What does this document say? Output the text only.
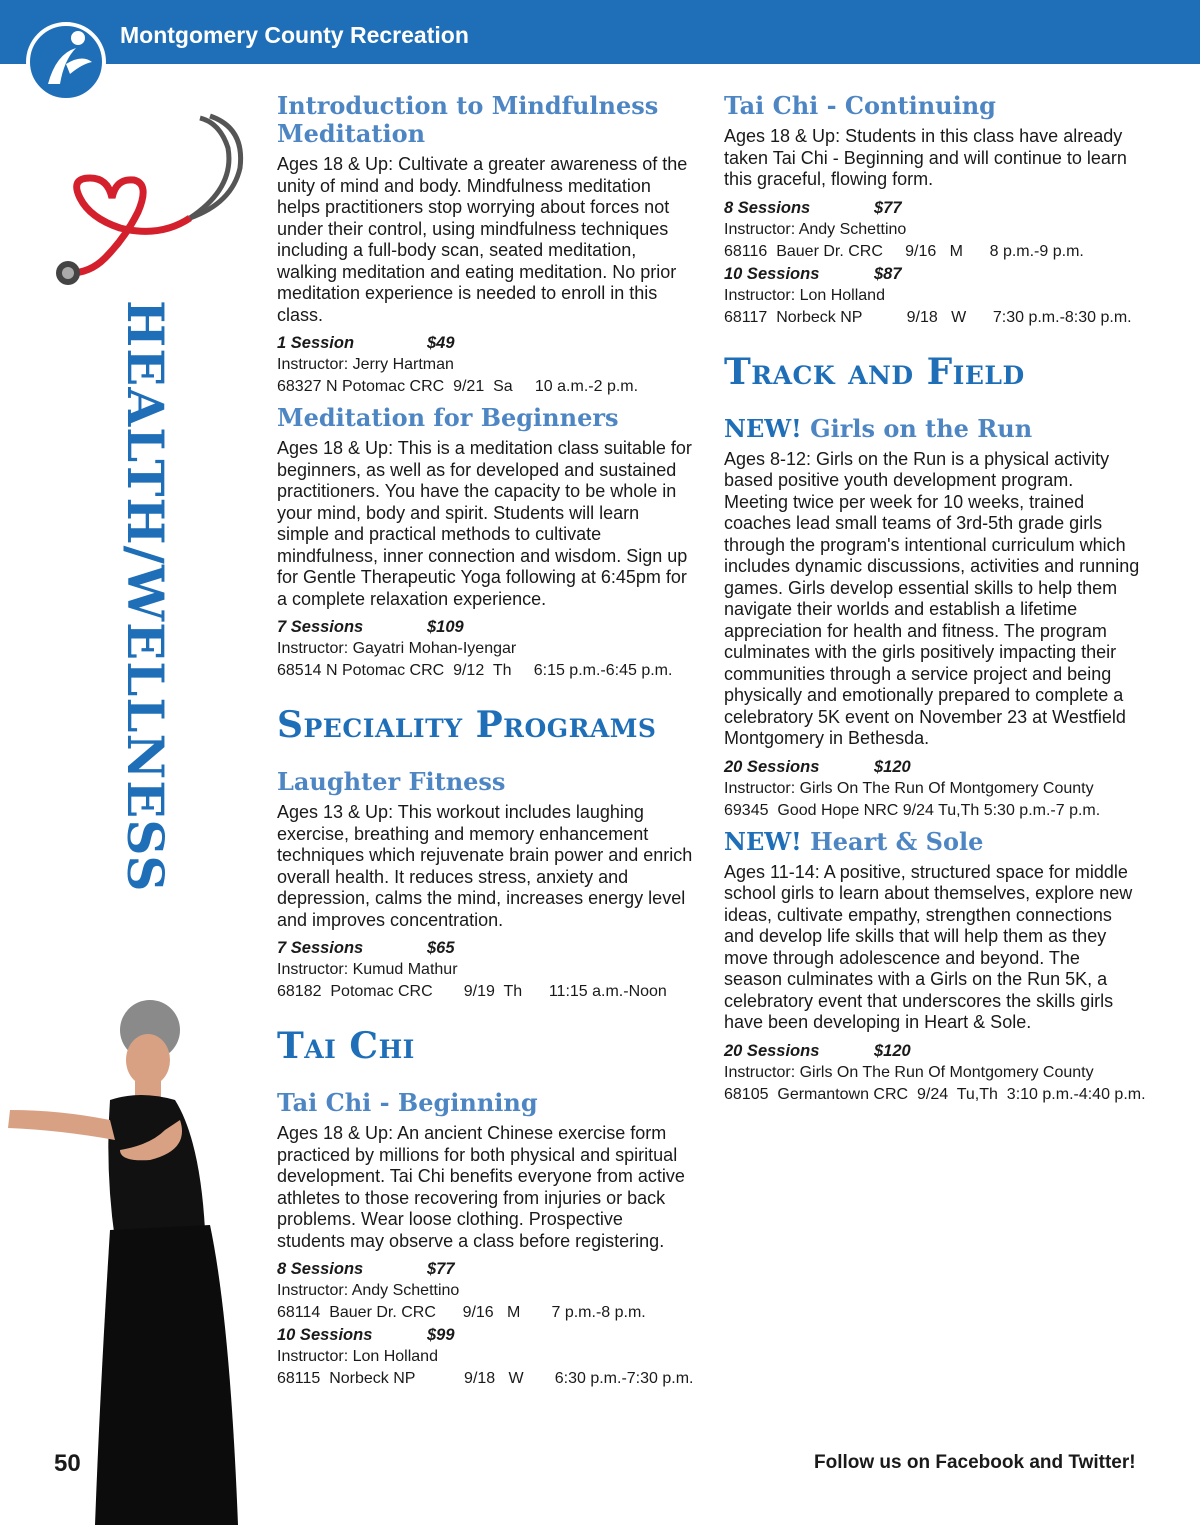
Montgomery County Recreation
HEALTH/WELLNESS
Introduction to Mindfulness Meditation
Ages 18 & Up: Cultivate a greater awareness of the unity of mind and body. Mindfulness meditation helps practitioners stop worrying about forces not under their control, using mindfulness techniques including a full-body scan, seated meditation, walking meditation and eating meditation. No prior meditation experience is needed to enroll in this class.
1 Session	$49
Instructor: Jerry Hartman
68327 N Potomac CRC  9/21  Sa     10 a.m.-2 p.m.
Meditation for Beginners
Ages 18 & Up: This is a meditation class suitable for beginners, as well as for developed and sustained practitioners. You have the capacity to be whole in your mind, body and spirit. Students will learn simple and practical methods to cultivate mindfulness, inner connection and wisdom. Sign up for Gentle Therapeutic Yoga following at 6:45pm for a complete relaxation experience.
7 Sessions	$109
Instructor: Gayatri Mohan-Iyengar
68514 N Potomac CRC  9/12  Th     6:15 p.m.-6:45 p.m.
Speciality Programs
Laughter Fitness
Ages 13 & Up: This workout includes laughing exercise, breathing and memory enhancement techniques which rejuvenate brain power and enrich overall health. It reduces stress, anxiety and depression, calms the mind, increases energy level and improves concentration.
7 Sessions	$65
Instructor: Kumud Mathur
68182  Potomac CRC       9/19  Th      11:15 a.m.-Noon
Tai Chi
Tai Chi - Beginning
Ages 18 & Up: An ancient Chinese exercise form practiced by millions for both physical and spiritual development. Tai Chi benefits everyone from active athletes to those recovering from injuries or back problems. Wear loose clothing. Prospective students may observe a class before registering.
8 Sessions	$77
Instructor: Andy Schettino
68114  Bauer Dr. CRC      9/16   M       7 p.m.-8 p.m.
10 Sessions	$99
Instructor: Lon Holland
68115  Norbeck NP           9/18   W       6:30 p.m.-7:30 p.m.
Tai Chi - Continuing
Ages 18 & Up: Students in this class have already taken Tai Chi - Beginning and will continue to learn this graceful, flowing form.
8 Sessions	$77
Instructor: Andy Schettino
68116  Bauer Dr. CRC     9/16   M      8 p.m.-9 p.m.
10 Sessions	$87
Instructor: Lon Holland
68117  Norbeck NP          9/18   W      7:30 p.m.-8:30 p.m.
Track and Field
NEW! Girls on the Run
Ages 8-12: Girls on the Run is a physical activity based positive youth development program. Meeting twice per week for 10 weeks, trained coaches lead small teams of 3rd-5th grade girls through the program's intentional curriculum which includes dynamic discussions, activities and running games. Girls develop essential skills to help them navigate their worlds and establish a lifetime appreciation for health and fitness. The program culminates with the girls positively impacting their communities through a service project and being physically and emotionally prepared to complete a celebratory 5K event on November 23 at Westfield Montgomery in Bethesda.
20 Sessions	$120
Instructor: Girls On The Run Of Montgomery County
69345  Good Hope NRC 9/24 Tu,Th 5:30 p.m.-7 p.m.
NEW! Heart & Sole
Ages 11-14: A positive, structured space for middle school girls to learn about themselves, explore new ideas, cultivate empathy, strengthen connections and develop life skills that will help them as they move through adolescence and beyond. The season culminates with a Girls on the Run 5K, a celebratory event that underscores the skills girls have been developing in Heart & Sole.
20 Sessions	$120
Instructor: Girls On The Run Of Montgomery County
68105  Germantown CRC  9/24  Tu,Th  3:10 p.m.-4:40 p.m.
50	Follow us on Facebook and Twitter!
